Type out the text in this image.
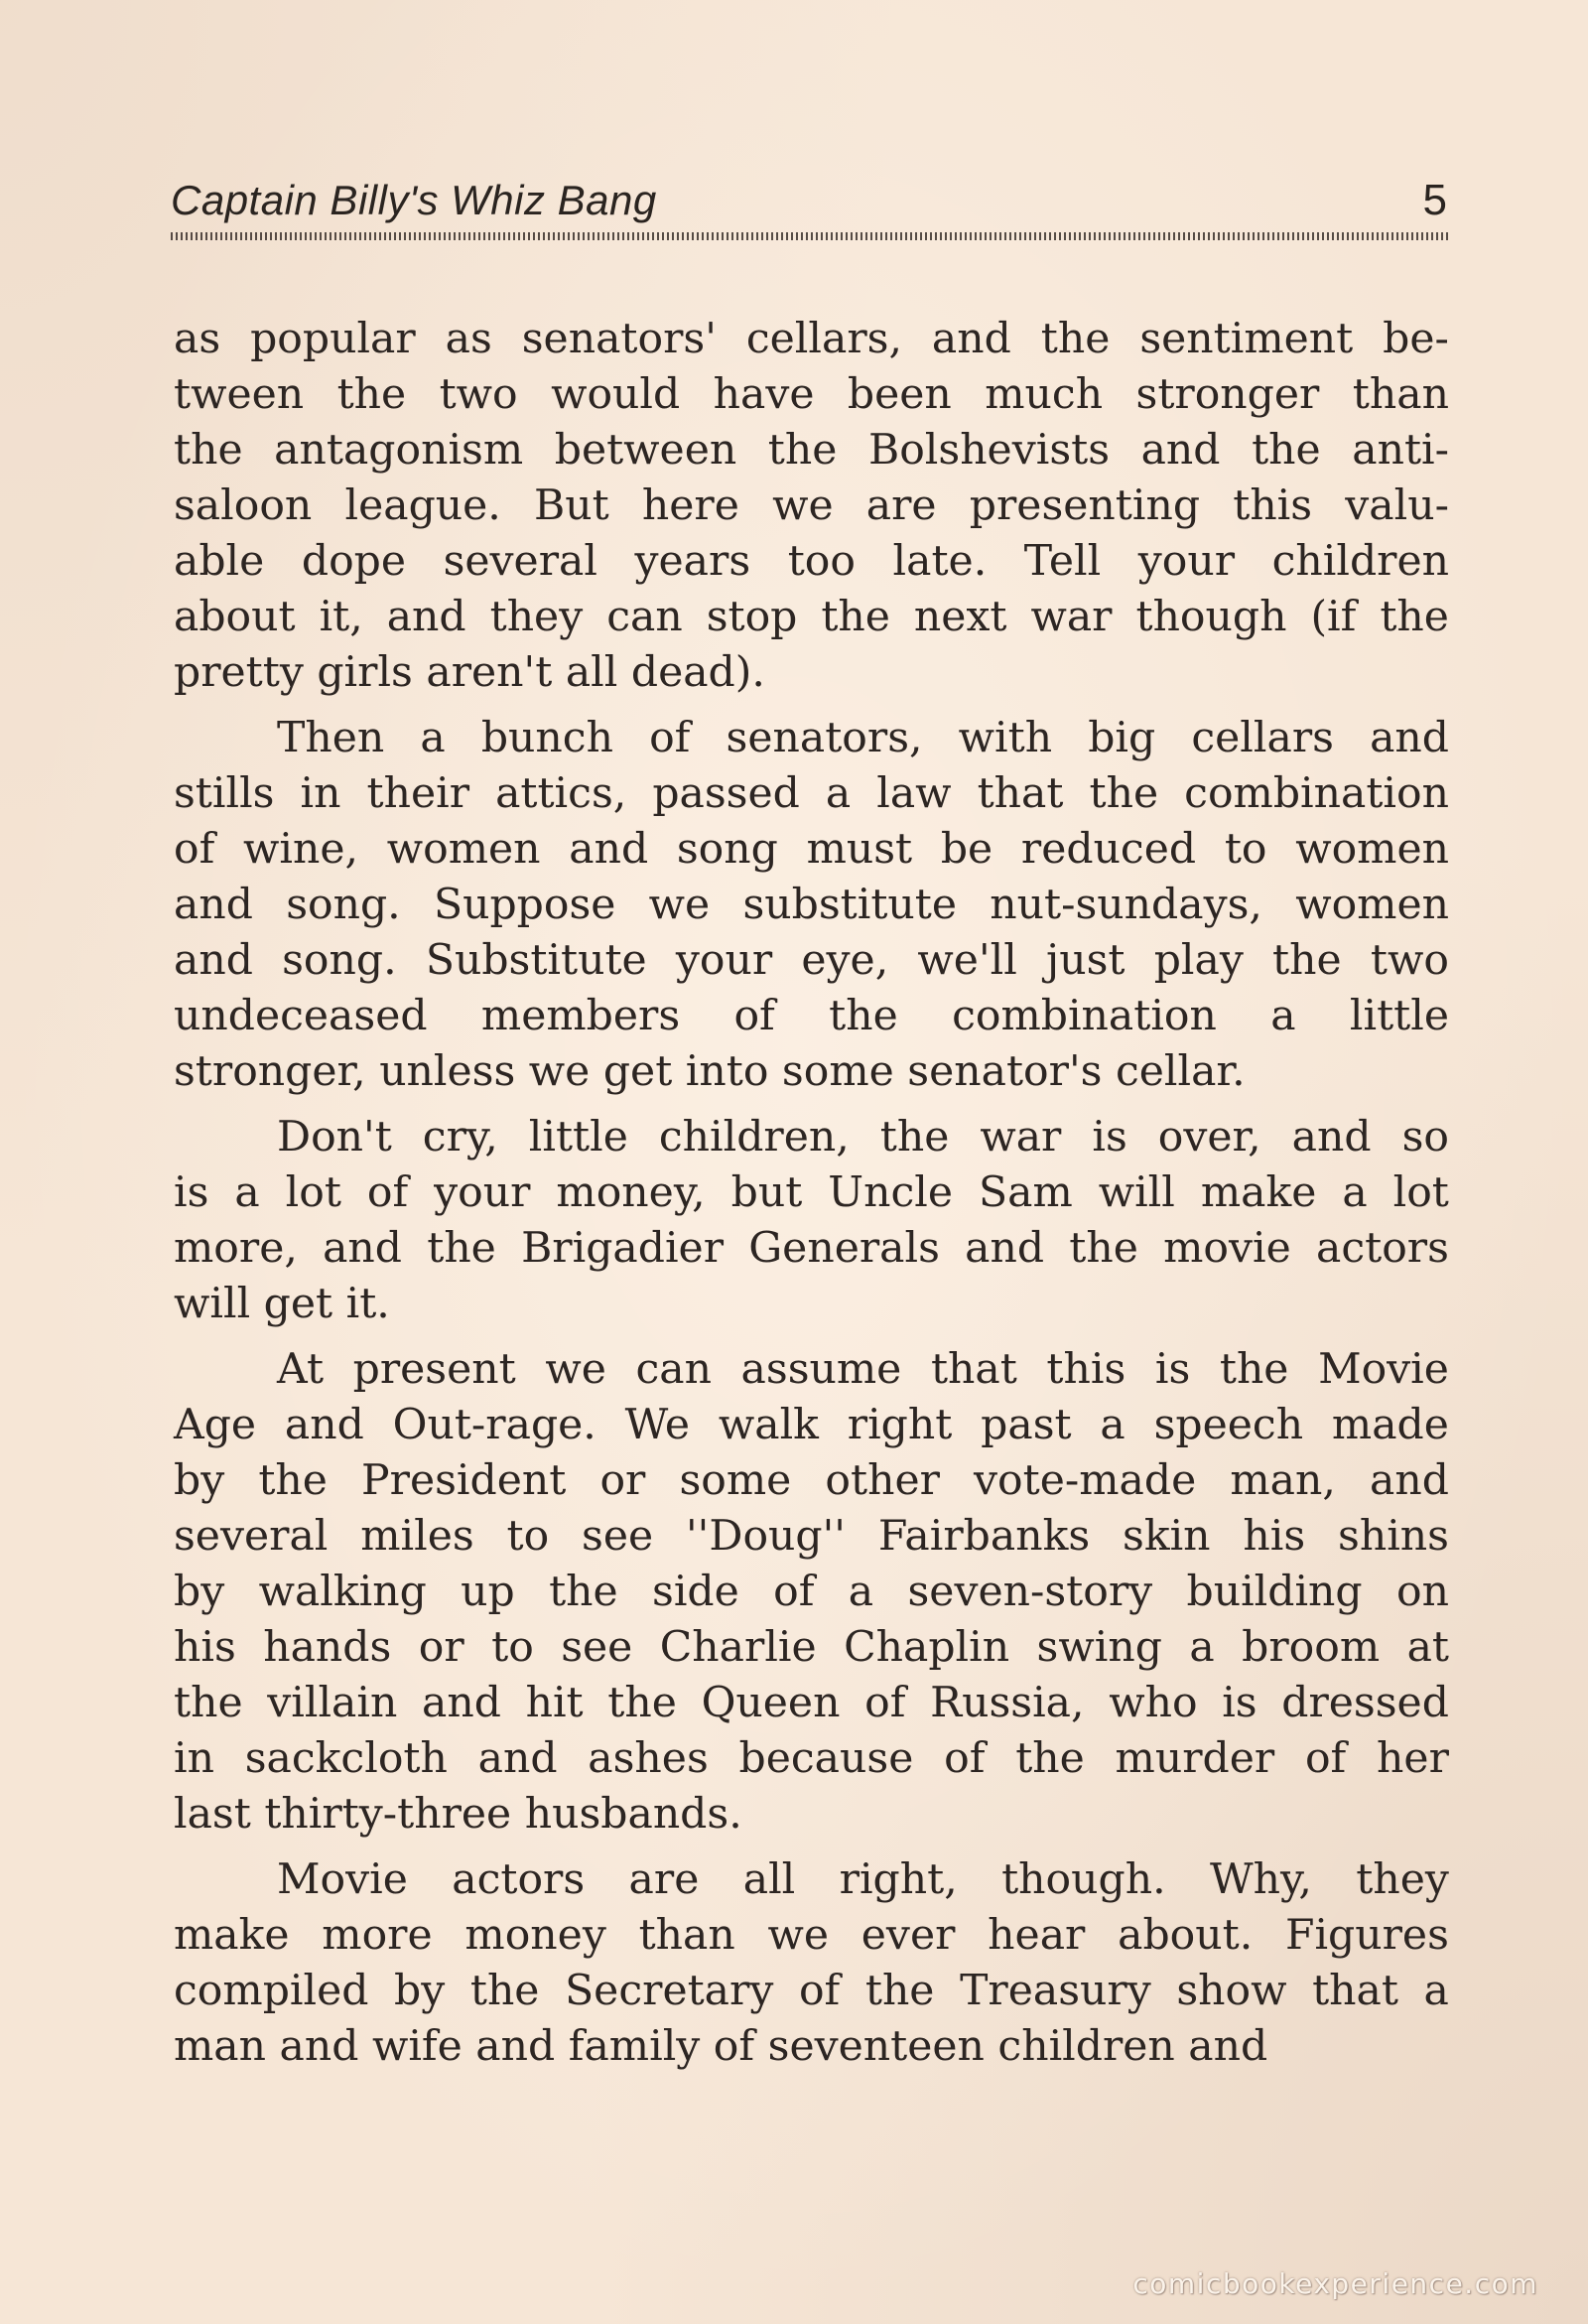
Captain Billy's Whiz Bang	5
as popular as senators' cellars, and the sentiment be-
tween the two would have been much stronger than
the antagonism between the Bolshevists and the anti-
saloon league. But here we are presenting this valu-
able dope several years too late. Tell your children
about it, and they can stop the next war though (if the
pretty girls aren't all dead).
Then a bunch of senators, with big cellars and
stills in their attics, passed a law that the combination
of wine, women and song must be reduced to women
and song. Suppose we substitute nut-sundays, women
and song. Substitute your eye, we'll just play the two
undeceased members of the combination a little
stronger, unless we get into some senator's cellar.
Don't cry, little children, the war is over, and so
is a lot of your money, but Uncle Sam will make a lot
more, and the Brigadier Generals and the movie actors
will get it.
At present we can assume that this is the Movie
Age and Out-rage. We walk right past a speech made
by the President or some other vote-made man, and
several miles to see ''Doug'' Fairbanks skin his shins
by walking up the side of a seven-story building on
his hands or to see Charlie Chaplin swing a broom at
the villain and hit the Queen of Russia, who is dressed
in sackcloth and ashes because of the murder of her
last thirty-three husbands.
Movie actors are all right, though. Why, they
make more money than we ever hear about. Figures
compiled by the Secretary of the Treasury show that a
man and wife and family of seventeen children and
comicbookexperience.com
